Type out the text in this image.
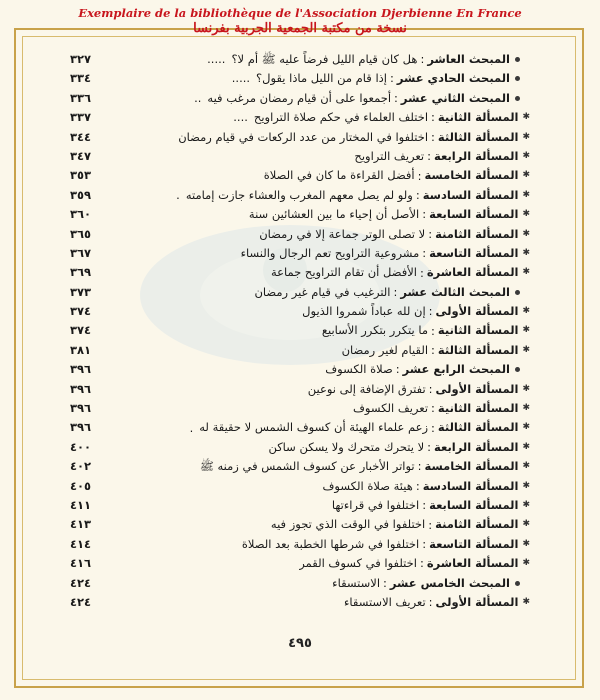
Exemplaire de la bibliothèque de l'Association Djerbienne En France
نسخة من مكتبة الجمعية الجربية بفرنسا
المبحث العاشر:هل كان قيام الليل فرضاً عليه ﷺ أم لا؟.....
٣٢٧
المبحث الحادي عشر:إذا قام من الليل ماذا يقول؟.....
٣٣٤
المبحث الثاني عشر:أجمعوا على أن قيام رمضان مرغب فيه..
٣٣٦
✱المسألة الثانية:اختلف العلماء في حكم صلاة التراويح....
٣٣٧
✱المسألة الثالثة:اختلفوا في المختار من عدد الركعات في قيام رمضان
٣٤٤
✱المسألة الرابعة:تعريف التراويح
٣٤٧
✱المسألة الخامسة:أفضل القراءة ما كان في الصلاة
٣٥٣
✱المسألة السادسة:ولو لم يصل معهم المغرب والعشاء جازت إمامته.
٣٥٩
✱المسألة السابعة:الأصل أن إحياء ما بين العشائين سنة
٣٦٠
✱المسألة الثامنة:لا تصلى الوتر جماعة إلا في رمضان
٣٦٥
✱المسألة التاسعة:مشروعية التراويح تعم الرجال والنساء
٣٦٧
✱المسألة العاشرة:الأفضل أن تقام التراويح جماعة
٣٦٩
المبحث الثالث عشر:الترغيب في قيام غير رمضان
٣٧٣
✱المسألة الأولى:إن لله عباداً شمروا الذيول
٣٧٤
✱المسألة الثانية:ما يتكرر بتكرر الأسابيع
٣٧٤
✱المسألة الثالثة:القيام لغير رمضان
٣٨١
المبحث الرابع عشر:صلاة الكسوف
٣٩٦
✱المسألة الأولى:تفترق الإضافة إلى نوعين
٣٩٦
✱المسألة الثانية:تعريف الكسوف
٣٩٦
✱المسألة الثالثة:زعم علماء الهيئة أن كسوف الشمس لا حقيقة له.
٣٩٦
✱المسألة الرابعة:لا يتحرك متحرك ولا يسكن ساكن
٤٠٠
✱المسألة الخامسة:تواتر الأخبار عن كسوف الشمس في زمنه ﷺ
٤٠٢
✱المسألة السادسة:هيئة صلاة الكسوف
٤٠٥
✱المسألة السابعة:اختلفوا في قراءتها
٤١١
✱المسألة الثامنة:اختلفوا في الوقت الذي تجوز فيه
٤١٣
✱المسألة التاسعة:اختلفوا في شرطها الخطبة بعد الصلاة
٤١٤
✱المسألة العاشرة:اختلفوا في كسوف القمر
٤١٦
المبحث الخامس عشر:الاستسقاء
٤٢٤
✱المسألة الأولى:تعريف الاستسقاء
٤٢٤
٤٩٥
